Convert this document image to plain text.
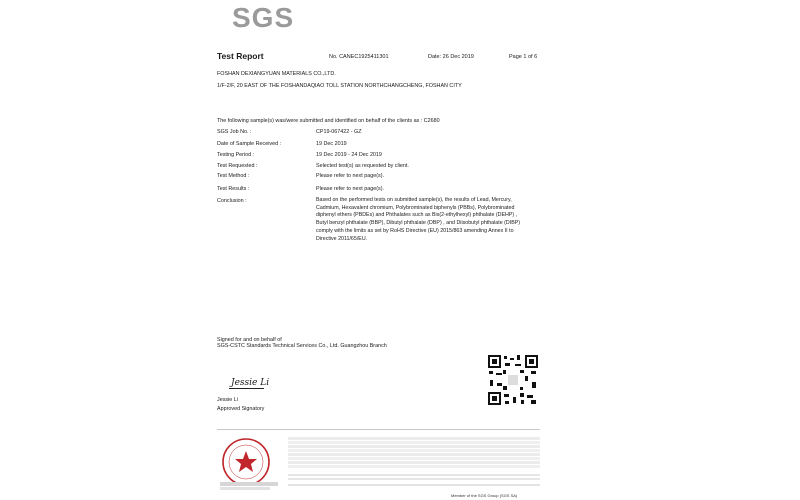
SGS
Test Report	No. CANEC1925411301	Date: 26 Dec 2019	Page 1 of 6
FOSHAN DEXIANGYUAN MATERIALS CO.,LTD.
1/F-2/F, 20 EAST OF THE FOSHANDAQIAO TOLL STATION NORTHCHANGCHENG, FOSHAN CITY
The following sample(s) was/were submitted and identified on behalf of the clients as : C2680
SGS Job No. :	CP19-067422 - GZ
Date of Sample Received :	19 Dec 2019
Testing Period :	19 Dec 2019 - 24 Dec 2019
Test Requested :	Selected test(s) as requested by client.
Test Method :	Please refer to next page(s).
Test Results :	Please refer to next page(s).
Conclusion :	Based on the performed tests on submitted sample(s), the results of Lead, Mercury, Cadmium, Hexavalent chromium, Polybrominated biphenyls (PBBs), Polybrominated diphenyl ethers (PBDEs) and Phthalates such as Bis(2-ethylhexyl) phthalate (DEHP) , Butyl benzyl phthalate (BBP), Dibutyl phthalate (DBP) , and Diisobutyl phthalate (DIBP) comply with the limits as set by RoHS Directive (EU) 2015/863 amending Annex II to Directive 2011/65/EU.
Signed for and on behalf of
SGS-CSTC Standards Technical Services Co., Ltd. Guangzhou Branch
Jessie Li
Jessie Li
Approved Signatory
Member of the SGS Group (SGS SA)
